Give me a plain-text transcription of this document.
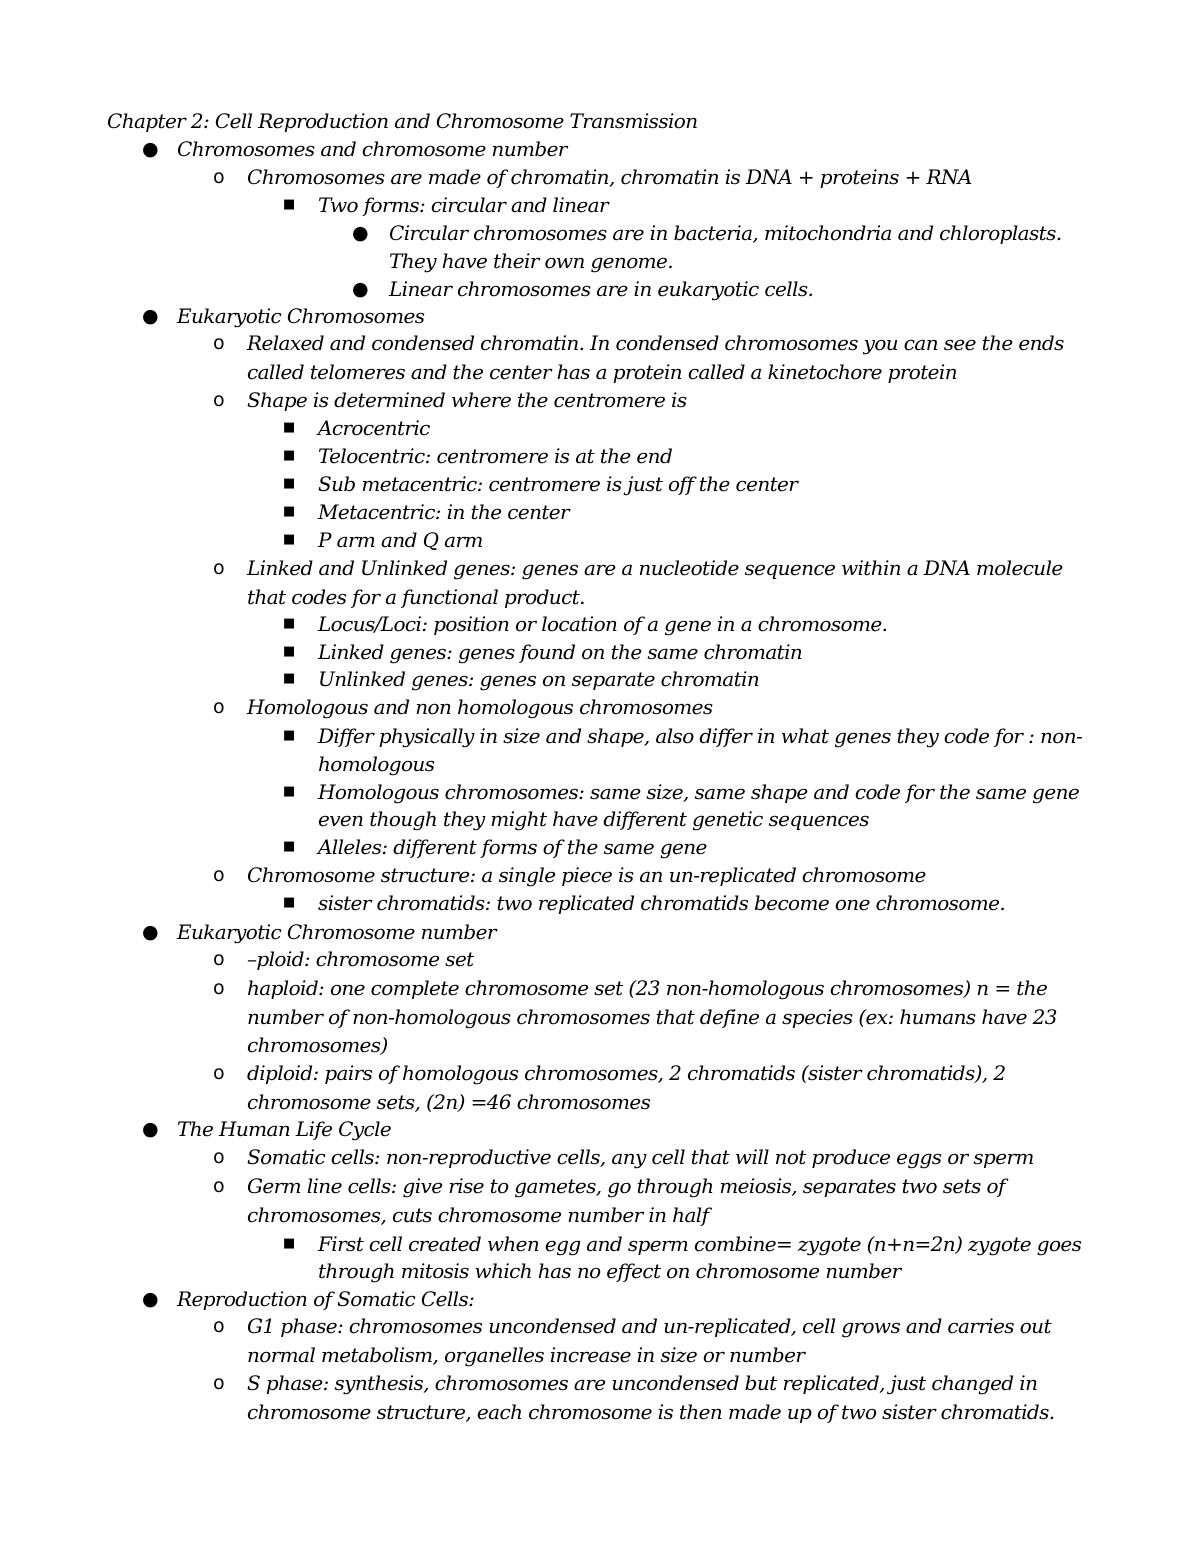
Chapter 2: Cell Reproduction and Chromosome Transmission
Chromosomes and chromosome number
●
Chromosomes are made of chromatin, chromatin is DNA + proteins + RNA
o
Two forms: circular and linear
■
Circular chromosomes are in bacteria, mitochondria and chloroplasts.
●
They have their own genome.
Linear chromosomes are in eukaryotic cells.
●
Eukaryotic Chromosomes
●
Relaxed and condensed chromatin. In condensed chromosomes you can see the ends
o
called telomeres and the center has a protein called a kinetochore protein
Shape is determined where the centromere is
o
Acrocentric
■
Telocentric: centromere is at the end
■
Sub metacentric: centromere is just off the center
■
Metacentric: in the center
■
P arm and Q arm
■
Linked and Unlinked genes: genes are a nucleotide sequence within a DNA molecule
o
that codes for a functional product.
Locus/Loci: position or location of a gene in a chromosome.
■
Linked genes: genes found on the same chromatin
■
Unlinked genes: genes on separate chromatin
■
Homologous and non homologous chromosomes
o
Differ physically in size and shape, also differ in what genes they code for : non-
■
homologous
Homologous chromosomes: same size, same shape and code for the same gene
■
even though they might have different genetic sequences
Alleles: different forms of the same gene
■
Chromosome structure: a single piece is an un-replicated chromosome
o
sister chromatids: two replicated chromatids become one chromosome.
■
Eukaryotic Chromosome number
●
–ploid: chromosome set
o
haploid: one complete chromosome set (23 non-homologous chromosomes) n = the
o
number of non-homologous chromosomes that define a species (ex: humans have 23
chromosomes)
diploid: pairs of homologous chromosomes, 2 chromatids (sister chromatids), 2
o
chromosome sets, (2n) =46 chromosomes
The Human Life Cycle
●
Somatic cells: non-reproductive cells, any cell that will not produce eggs or sperm
o
Germ line cells: give rise to gametes, go through meiosis, separates two sets of
o
chromosomes, cuts chromosome number in half
First cell created when egg and sperm combine= zygote (n+n=2n) zygote goes
■
through mitosis which has no effect on chromosome number
Reproduction of Somatic Cells:
●
G1 phase: chromosomes uncondensed and un-replicated, cell grows and carries out
o
normal metabolism, organelles increase in size or number
S phase: synthesis, chromosomes are uncondensed but replicated, just changed in
o
chromosome structure, each chromosome is then made up of two sister chromatids.
